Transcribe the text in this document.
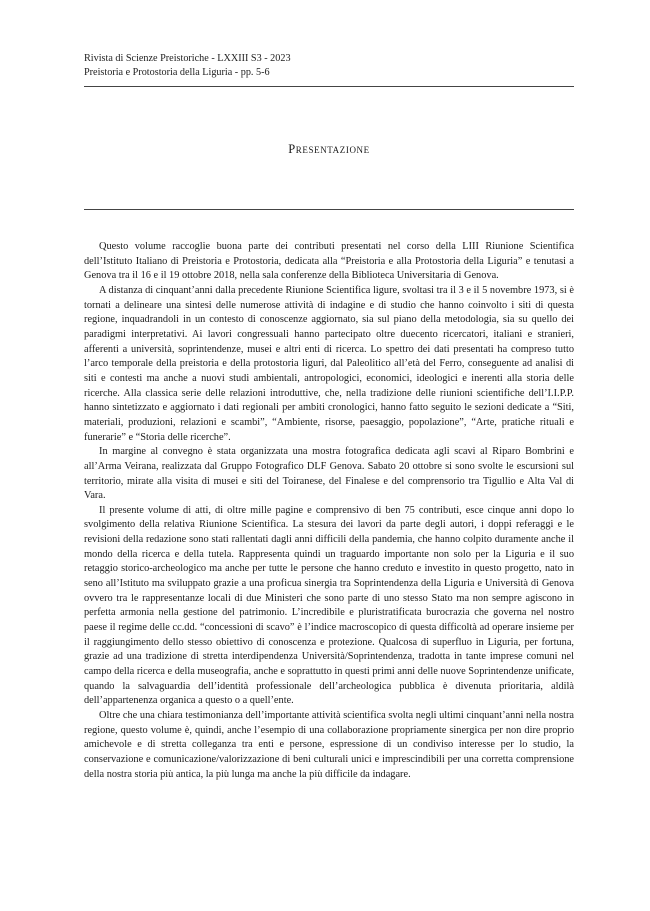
Rivista di Scienze Preistoriche - LXXIII S3 - 2023
Preistoria e Protostoria della Liguria - pp. 5-6
Presentazione

Questo volume raccoglie buona parte dei contributi presentati nel corso della LIII Riunione Scientifica dell’Istituto Italiano di Preistoria e Protostoria, dedicata alla “Preistoria e alla Protostoria della Liguria” e tenutasi a Genova tra il 16 e il 19 ottobre 2018, nella sala conferenze della Biblioteca Universitaria di Genova.

A distanza di cinquant’anni dalla precedente Riunione Scientifica ligure, svoltasi tra il 3 e il 5 novembre 1973, si è tornati a delineare una sintesi delle numerose attività di indagine e di studio che hanno coinvolto i siti di questa regione, inquadrandoli in un contesto di conoscenze aggiornato, sia sul piano della metodologia, sia su quello dei paradigmi interpretativi. Ai lavori congressuali hanno partecipato oltre duecento ricercatori, italiani e stranieri, afferenti a università, soprintendenze, musei e altri enti di ricerca. Lo spettro dei dati presentati ha compreso tutto l’arco temporale della preistoria e della protostoria liguri, dal Paleolitico all’età del Ferro, conseguente ad analisi di siti e contesti ma anche a nuovi studi ambientali, antropologici, economici, ideologici e inerenti alla storia delle ricerche. Alla classica serie delle relazioni introduttive, che, nella tradizione delle riunioni scientifiche dell’I.I.P.P. hanno sintetizzato e aggiornato i dati regionali per ambiti cronologici, hanno fatto seguito le sezioni dedicate a “Siti, materiali, produzioni, relazioni e scambi”, “Ambiente, risorse, paesaggio, popolazione”, “Arte, pratiche rituali e funerarie” e “Storia delle ricerche”.

In margine al convegno è stata organizzata una mostra fotografica dedicata agli scavi al Riparo Bombrini e all’Arma Veirana, realizzata dal Gruppo Fotografico DLF Genova. Sabato 20 ottobre si sono svolte le escursioni sul territorio, mirate alla visita di musei e siti del Toiranese, del Finalese e del comprensorio tra Tigullio e Alta Val di Vara.

Il presente volume di atti, di oltre mille pagine e comprensivo di ben 75 contributi, esce cinque anni dopo lo svolgimento della relativa Riunione Scientifica. La stesura dei lavori da parte degli autori, i doppi referaggi e le revisioni della redazione sono stati rallentati dagli anni difficili della pandemia, che hanno colpito duramente anche il mondo della ricerca e della tutela. Rappresenta quindi un traguardo importante non solo per la Liguria e il suo retaggio storico-archeologico ma anche per tutte le persone che hanno creduto e investito in questo progetto, nato in seno all’Istituto ma sviluppato grazie a una proficua sinergia tra Soprintendenza della Liguria e Università di Genova ovvero tra le rappresentanze locali di due Ministeri che sono parte di uno stesso Stato ma non sempre agiscono in perfetta armonia nella gestione del patrimonio. L’incredibile e pluristratificata burocrazia che governa nel nostro paese il regime delle cc.dd. “concessioni di scavo” è l’indice macroscopico di questa difficoltà ad operare insieme per il raggiungimento dello stesso obiettivo di conoscenza e protezione. Qualcosa di superfluo in Liguria, per fortuna, grazie ad una tradizione di stretta interdipendenza Università/Soprintendenza, tradotta in tante imprese comuni nel campo della ricerca e della museografia, anche e soprattutto in questi primi anni delle nuove Soprintendenze unificate, quando la salvaguardia dell’identità professionale dell’archeologica pubblica è divenuta prioritaria, aldilà dell’appartenenza organica a questo o a quell’ente.

Oltre che una chiara testimonianza dell’importante attività scientifica svolta negli ultimi cinquant’anni nella nostra regione, questo volume è, quindi, anche l’esempio di una collaborazione propriamente sinergica per non dire proprio amichevole e di stretta colleganza tra enti e persone, espressione di un condiviso interesse per lo studio, la conservazione e comunicazione/valorizzazione di beni culturali unici e imprescindibili per una corretta comprensione della nostra storia più antica, la più lunga ma anche la più difficile da indagare.
